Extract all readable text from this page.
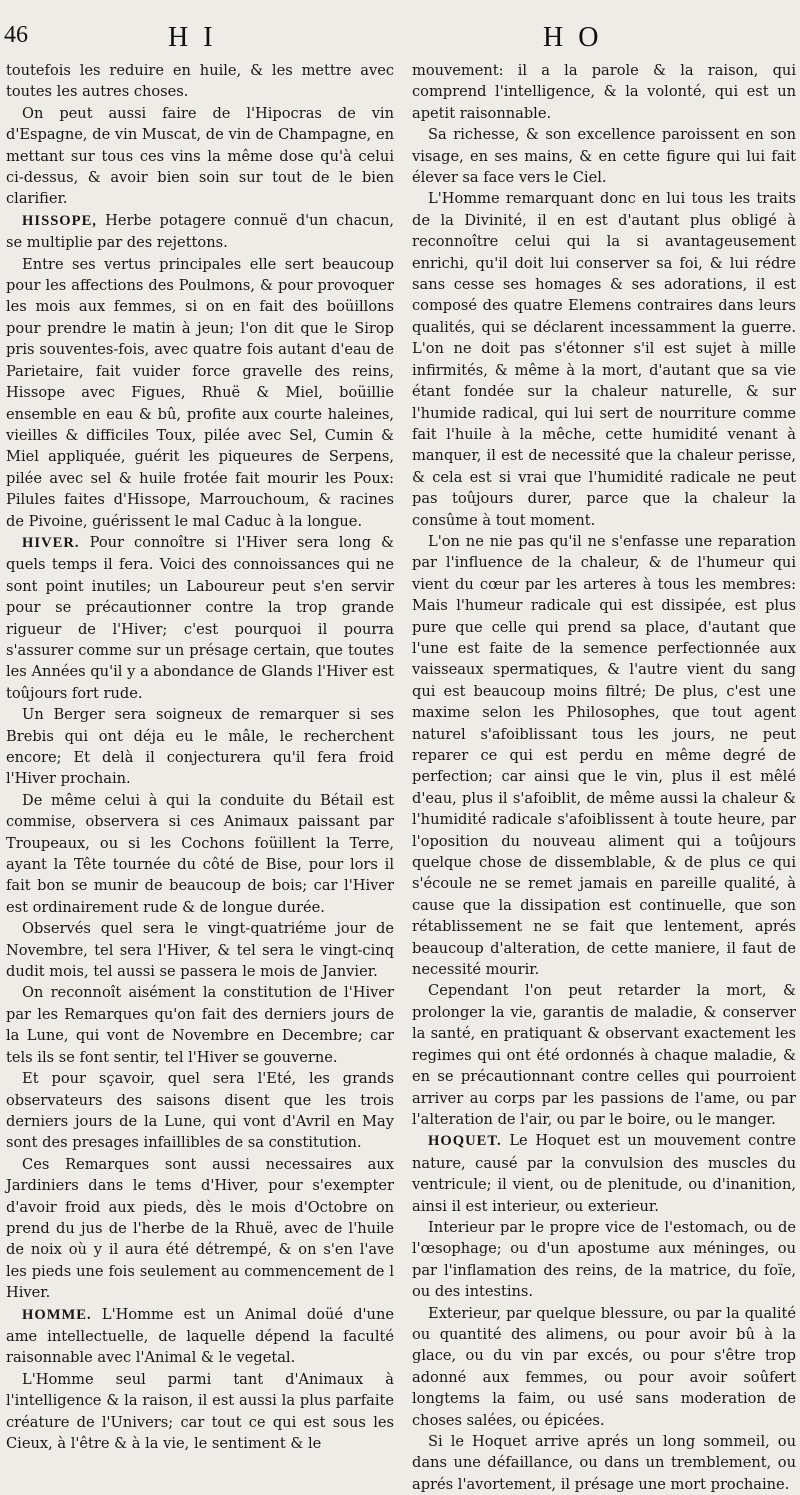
46	H I	H O

toutefois les reduire en huile, & les mettre avec toutes les autres choses.

On peut aussi faire de l'Hipocras de vin d'Espagne, de vin Muscat, de vin de Champagne, en mettant sur tous ces vins la même dose qu'à celui ci-dessus, & avoir bien soin sur tout de le bien clarifier.

HISSOPE, Herbe potagere connuë d'un chacun, se multiplie par des rejettons.

Entre ses vertus principales elle sert beaucoup pour les affections des Poulmons, & pour provoquer les mois aux femmes, si on en fait des boüillons pour prendre le matin à jeun; l'on dit que le Sirop pris souventes-fois, avec quatre fois autant d'eau de Parietaire, fait vuider force gravelle des reins, Hissope avec Figues, Rhuë & Miel, boüillie ensemble en eau & bû, profite aux courte haleines, vieilles & difficiles Toux, pilée avec Sel, Cumin & Miel appliquée, guérit les piqueures de Serpens, pilée avec sel & huile frotée fait mourir les Poux: Pilules faites d'Hissope, Marrouchoum, & racines de Pivoine, guérissent le mal Caduc à la longue.

HIVER. Pour connoître si l'Hiver sera long & quels temps il fera. Voici des connoissances qui ne sont point inutiles; un Laboureur peut s'en servir pour se précautionner contre la trop grande rigueur de l'Hiver; c'est pourquoi il pourra s'assurer comme sur un présage certain, que toutes les Années qu'il y a abondance de Glands l'Hiver est toûjours fort rude.

Un Berger sera soigneux de remarquer si ses Brebis qui ont déja eu le mâle, le recherchent encore; Et delà il conjecturera qu'il fera froid l'Hiver prochain.

De même celui à qui la conduite du Bétail est commise, observera si ces Animaux paissant par Troupeaux, ou si les Cochons foüillent la Terre, ayant la Tête tournée du côté de Bise, pour lors il fait bon se munir de beaucoup de bois; car l'Hiver est ordinairement rude & de longue durée.

Observés quel sera le vingt-quatriéme jour de Novembre, tel sera l'Hiver, & tel sera le vingt-cinq dudit mois, tel aussi se passera le mois de Janvier.

On reconnoît aisément la constitution de l'Hiver par les Remarques qu'on fait des derniers jours de la Lune, qui vont de Novembre en Decembre; car tels ils se font sentir, tel l'Hiver se gouverne.

Et pour sçavoir, quel sera l'Eté, les grands observateurs des saisons disent que les trois derniers jours de la Lune, qui vont d'Avril en May sont des presages infaillibles de sa constitution.

Ces Remarques sont aussi necessaires aux Jardiniers dans le tems d'Hiver, pour s'exempter d'avoir froid aux pieds, dès le mois d'Octobre on prend du jus de l'herbe de la Rhuë, avec de l'huile de noix où y il aura été détrempé, & on s'en l'ave les pieds une fois seulement au commencement de l Hiver.

HOMME. L'Homme est un Animal doüé d'une ame intellectuelle, de laquelle dépend la faculté raisonnable avec l'Animal & le vegetal.

L'Homme seul parmi tant d'Animaux à l'intelligence & la raison, il est aussi la plus parfaite créature de l'Univers; car tout ce qui est sous les Cieux, à l'être & à la vie, le sentiment & le

mouvement: il a la parole & la raison, qui comprend l'intelligence, & la volonté, qui est un apetit raisonnable.

Sa richesse, & son excellence paroissent en son visage, en ses mains, & en cette figure qui lui fait élever sa face vers le Ciel.

L'Homme remarquant donc en lui tous les traits de la Divinité, il en est d'autant plus obligé à reconnoître celui qui la si avantageusement enrichi, qu'il doit lui conserver sa foi, & lui rédre sans cesse ses homages & ses adorations, il est composé des quatre Elemens contraires dans leurs qualités, qui se déclarent incessamment la guerre. L'on ne doit pas s'étonner s'il est sujet à mille infirmités, & même à la mort, d'autant que sa vie étant fondée sur la chaleur naturelle, & sur l'humide radical, qui lui sert de nourriture comme fait l'huile à la mêche, cette humidité venant à manquer, il est de necessité que la chaleur perisse, & cela est si vrai que l'humidité radicale ne peut pas toûjours durer, parce que la chaleur la consûme à tout moment.

L'on ne nie pas qu'il ne s'enfasse une reparation par l'influence de la chaleur, & de l'humeur qui vient du cœur par les arteres à tous les membres: Mais l'humeur radicale qui est dissipée, est plus pure que celle qui prend sa place, d'autant que l'une est faite de la semence perfectionnée aux vaisseaux spermatiques, & l'autre vient du sang qui est beaucoup moins filtré; De plus, c'est une maxime selon les Philosophes, que tout agent naturel s'afoiblissant tous les jours, ne peut reparer ce qui est perdu en même degré de perfection; car ainsi que le vin, plus il est mêlé d'eau, plus il s'afoiblit, de même aussi la chaleur & l'humidité radicale s'afoiblissent à toute heure, par l'oposition du nouveau aliment qui a toûjours quelque chose de dissemblable, & de plus ce qui s'écoule ne se remet jamais en pareille qualité, à cause que la dissipation est continuelle, que son rétablissement ne se fait que lentement, aprés beaucoup d'alteration, de cette maniere, il faut de necessité mourir.

Cependant l'on peut retarder la mort, & prolonger la vie, garantis de maladie, & conserver la santé, en pratiquant & observant exactement les regimes qui ont été ordonnés à chaque maladie, & en se précautionnant contre celles qui pourroient arriver au corps par les passions de l'ame, ou par l'alteration de l'air, ou par le boire, ou le manger.

HOQUET. Le Hoquet est un mouvement contre nature, causé par la convulsion des muscles du ventricule; il vient, ou de plenitude, ou d'inanition, ainsi il est interieur, ou exterieur.

Interieur par le propre vice de l'estomach, ou de l'œsophage; ou d'un apostume aux méninges, ou par l'inflamation des reins, de la matrice, du foïe, ou des intestins.

Exterieur, par quelque blessure, ou par la qualité ou quantité des alimens, ou pour avoir bû à la glace, ou du vin par excés, ou pour s'être trop adonné aux femmes, ou pour avoir soûfert longtems la faim, ou usé sans moderation de choses salées, ou épicées.

Si le Hoquet arrive aprés un long sommeil, ou dans une défaillance, ou dans un tremblement, ou aprés l'avortement, il présage une mort prochaine.
